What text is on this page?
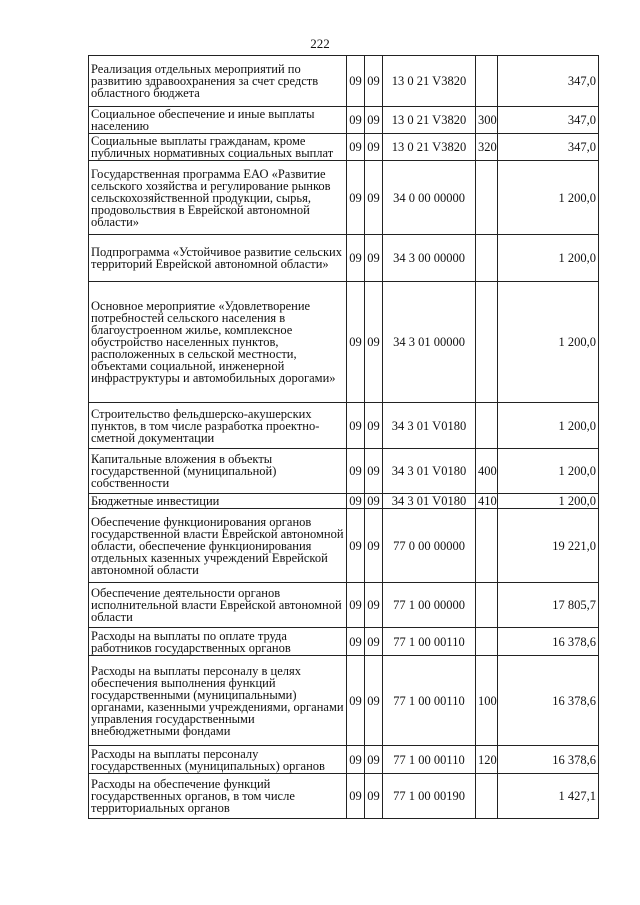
222
Реализация отдельных мероприятий по развитию здравоохранения за счет средств областного бюджета	09	09	13 0 21 V3820		347,0
Социальное обеспечение и иные выплаты населению	09	09	13 0 21 V3820	300	347,0
Социальные выплаты гражданам, кроме публичных нормативных социальных выплат	09	09	13 0 21 V3820	320	347,0
Государственная программа ЕАО «Развитие сельского хозяйства и регулирование рынков сельскохозяйственной продукции, сырья, продовольствия в Еврейской автономной области»	09	09	34 0 00 00000		1 200,0
Подпрограмма «Устойчивое развитие сельских территорий Еврейской автономной области»	09	09	34 3 00 00000		1 200,0
Основное мероприятие «Удовлетворение потребностей сельского населения в благоустроенном жилье, комплексное обустройство населенных пунктов, расположенных в сельской местности, объектами социальной, инженерной инфраструктуры и автомобильных дорогами»	09	09	34 3 01 00000		1 200,0
Строительство фельдшерско-акушерских пунктов, в том числе разработка проектно-сметной документации	09	09	34 3 01 V0180		1 200,0
Капитальные вложения в объекты государственной (муниципальной) собственности	09	09	34 3 01 V0180	400	1 200,0
Бюджетные инвестиции	09	09	34 3 01 V0180	410	1 200,0
Обеспечение функционирования органов государственной власти Еврейской автономной области, обеспечение функционирования отдельных казенных учреждений Еврейской автономной области	09	09	77 0 00 00000		19 221,0
Обеспечение деятельности органов исполнительной власти Еврейской автономной области	09	09	77 1 00 00000		17 805,7
Расходы на выплаты по оплате труда работников государственных органов	09	09	77 1 00 00110		16 378,6
Расходы на выплаты персоналу в целях обеспечения выполнения функций государственными (муниципальными) органами, казенными учреждениями, органами управления государственными внебюджетными фондами	09	09	77 1 00 00110	100	16 378,6
Расходы на выплаты персоналу государственных (муниципальных) органов	09	09	77 1 00 00110	120	16 378,6
Расходы на обеспечение функций государственных органов, в том числе территориальных органов	09	09	77 1 00 00190		1 427,1
